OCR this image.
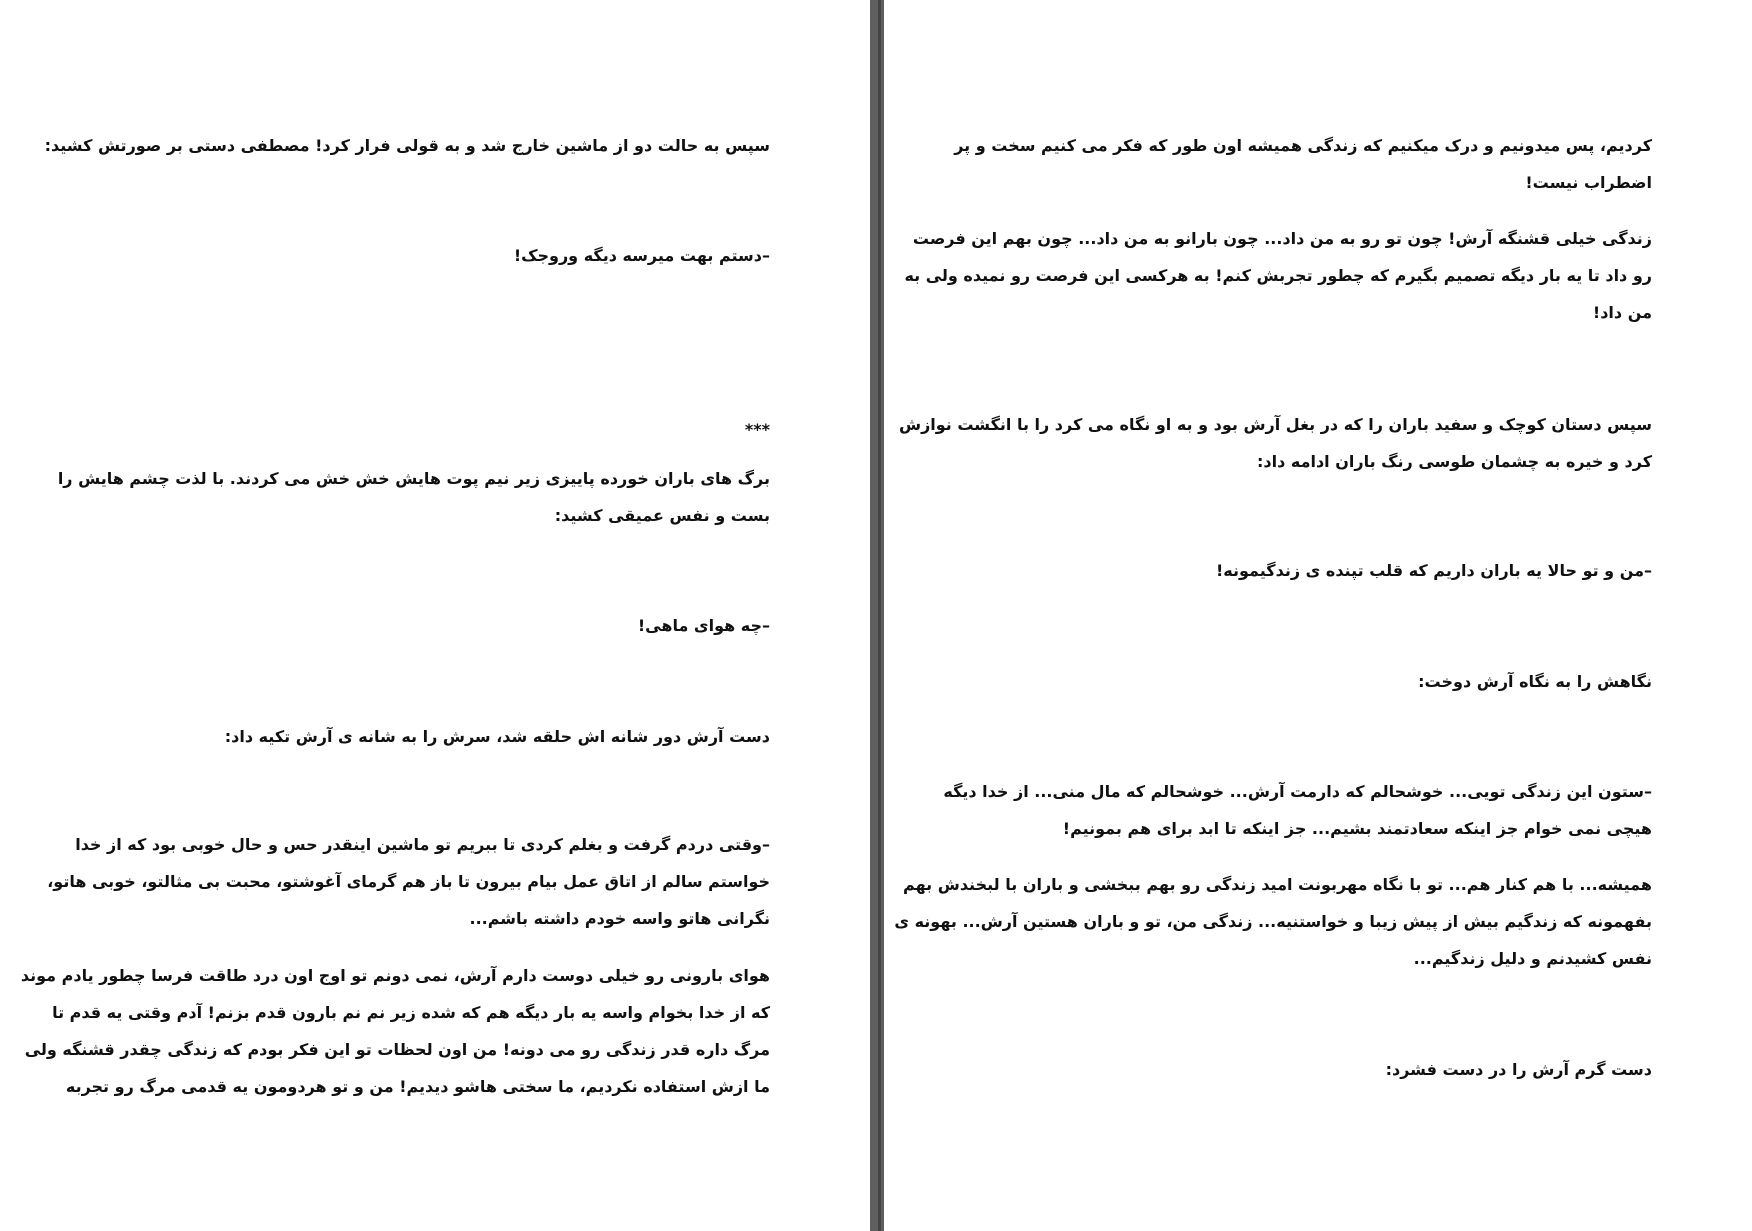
سپس به حالت دو از ماشین خارج شد و به قولی فرار کرد! مصطفی دستی بر صورتش کشید:
–دستم بهت میرسه دیگه وروجک!
***
برگ های باران خورده پاییزی زیر نیم پوت هایش خش خش می کردند. با لذت چشم هایش را
بست و نفس عمیقی کشید:
–چه هوای ماهی!
دست آرش دور شانه اش حلقه شد، سرش را به شانه ی آرش تکیه داد:
–وقتی دردم گرفت و بغلم کردی تا ببریم تو ماشین اینقدر حس و حال خوبی بود که از خدا
خواستم سالم از اتاق عمل بیام بیرون تا باز هم گرمای آغوشتو، محبت بی مثالتو، خوبی هاتو،
نگرانی هاتو واسه خودم داشته باشم...
هوای بارونی رو خیلی دوست دارم آرش، نمی دونم تو اوج اون درد طاقت فرسا چطور یادم موند
که از خدا بخوام واسه یه بار دیگه هم که شده زیر نم نم بارون قدم بزنم! آدم وقتی یه قدم تا
مرگ داره قدر زندگی رو می دونه! من اون لحظات تو این فکر بودم که زندگی چقدر قشنگه ولی
ما ازش استفاده نکردیم، ما سختی هاشو دیدیم! من و تو هردومون یه قدمی مرگ رو تجربه
کردیم، پس میدونیم و درک میکنیم که زندگی همیشه اون طور که فکر می کنیم سخت و پر
اضطراب نیست!
زندگی خیلی قشنگه آرش! چون تو رو به من داد... چون بارانو به من داد... چون بهم این فرصت
رو داد تا یه بار دیگه تصمیم بگیرم که چطور تجربش کنم! به هرکسی این فرصت رو نمیده ولی به
من داد!
سپس دستان کوچک و سفید باران را که در بغل آرش بود و به او نگاه می کرد را با انگشت نوازش
کرد و خیره به چشمان طوسی رنگ باران ادامه داد:
–من و تو حالا یه باران داریم که قلب تپنده ی زندگیمونه!
نگاهش را به نگاه آرش دوخت:
–ستون این زندگی تویی... خوشحالم که دارمت آرش... خوشحالم که مال منی... از خدا دیگه
هیچی نمی خوام جز اینکه سعادتمند بشیم... جز اینکه تا ابد برای هم بمونیم!
همیشه... با هم کنار هم... تو با نگاه مهربونت امید زندگی رو بهم ببخشی و باران با لبخندش بهم
بفهمونه که زندگیم بیش از پیش زیبا و خواستنیه... زندگی من، تو و باران هستین آرش... بهونه ی
نفس کشیدنم و دلیل زندگیم...
دست گرم آرش را در دست فشرد:
